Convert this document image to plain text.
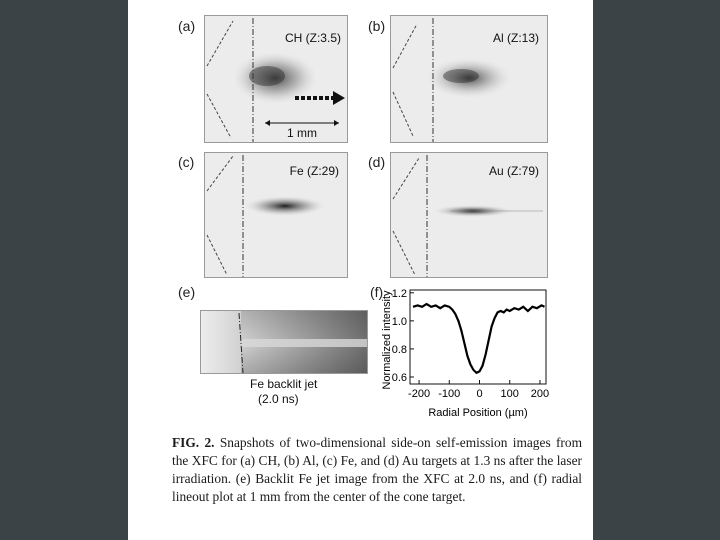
(a)
CH (Z:3.5)
1 mm
(b)
Al (Z:13)
(c)
Fe (Z:29)
(d)
Au (Z:79)
(e)
Fe backlit jet
(2.0 ns)
(f)
0.6
0.8
1.0
1.2
-200 -100 0 100 200
Radial Position (µm)
Normalized intensity
FIG. 2. Snapshots of two-dimensional side-on self-emission images from the XFC for (a) CH, (b) Al, (c) Fe, and (d) Au targets at 1.3 ns after the laser irradiation. (e) Backlit Fe jet image from the XFC at 2.0 ns, and (f) radial lineout plot at 1 mm from the center of the cone target.
